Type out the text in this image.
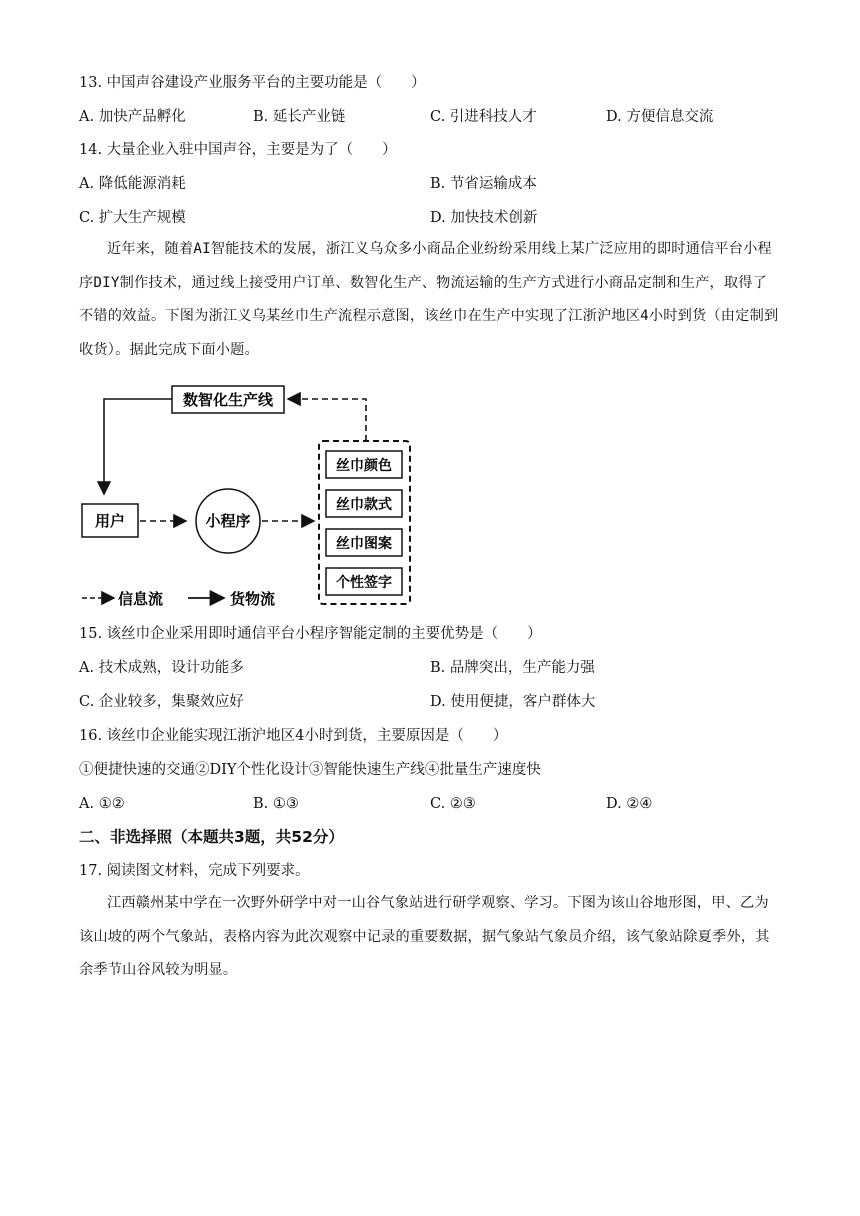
13. 中国声谷建设产业服务平台的主要功能是（　　）
A. 加快产品孵化	B. 延长产业链	C. 引进科技人才	D. 方便信息交流
14. 大量企业入驻中国声谷，主要是为了（　　）
A. 降低能源消耗	B. 节省运输成本
C. 扩大生产规模	D. 加快技术创新

近年来，随着AI智能技术的发展，浙江义乌众多小商品企业纷纷采用线上某广泛应用的即时通信平台小程序DIY制作技术，通过线上接受用户订单、数智化生产、物流运输的生产方式进行小商品定制和生产，取得了不错的效益。下图为浙江义乌某丝巾生产流程示意图，该丝巾在生产中实现了江浙沪地区4小时到货（由定制到收货）。据此完成下面小题。

数智化生产线
用户	小程序
丝巾颜色
丝巾款式
丝巾图案
个性签字
信息流	货物流
15. 该丝巾企业采用即时通信平台小程序智能定制的主要优势是（　　）
A. 技术成熟，设计功能多	B. 品牌突出，生产能力强
C. 企业较多，集聚效应好	D. 使用便捷，客户群体大
16. 该丝巾企业能实现江浙沪地区4小时到货，主要原因是（　　）
①便捷快速的交通②DIY个性化设计③智能快速生产线④批量生产速度快
A. ①②	B. ①③	C. ②③	D. ②④
二、非选择照（本题共3题，共52分）
17. 阅读图文材料，完成下列要求。

江西赣州某中学在一次野外研学中对一山谷气象站进行研学观察、学习。下图为该山谷地形图，甲、乙为该山坡的两个气象站，表格内容为此次观察中记录的重要数据，据气象站气象员介绍，该气象站除夏季外，其余季节山谷风较为明显。
